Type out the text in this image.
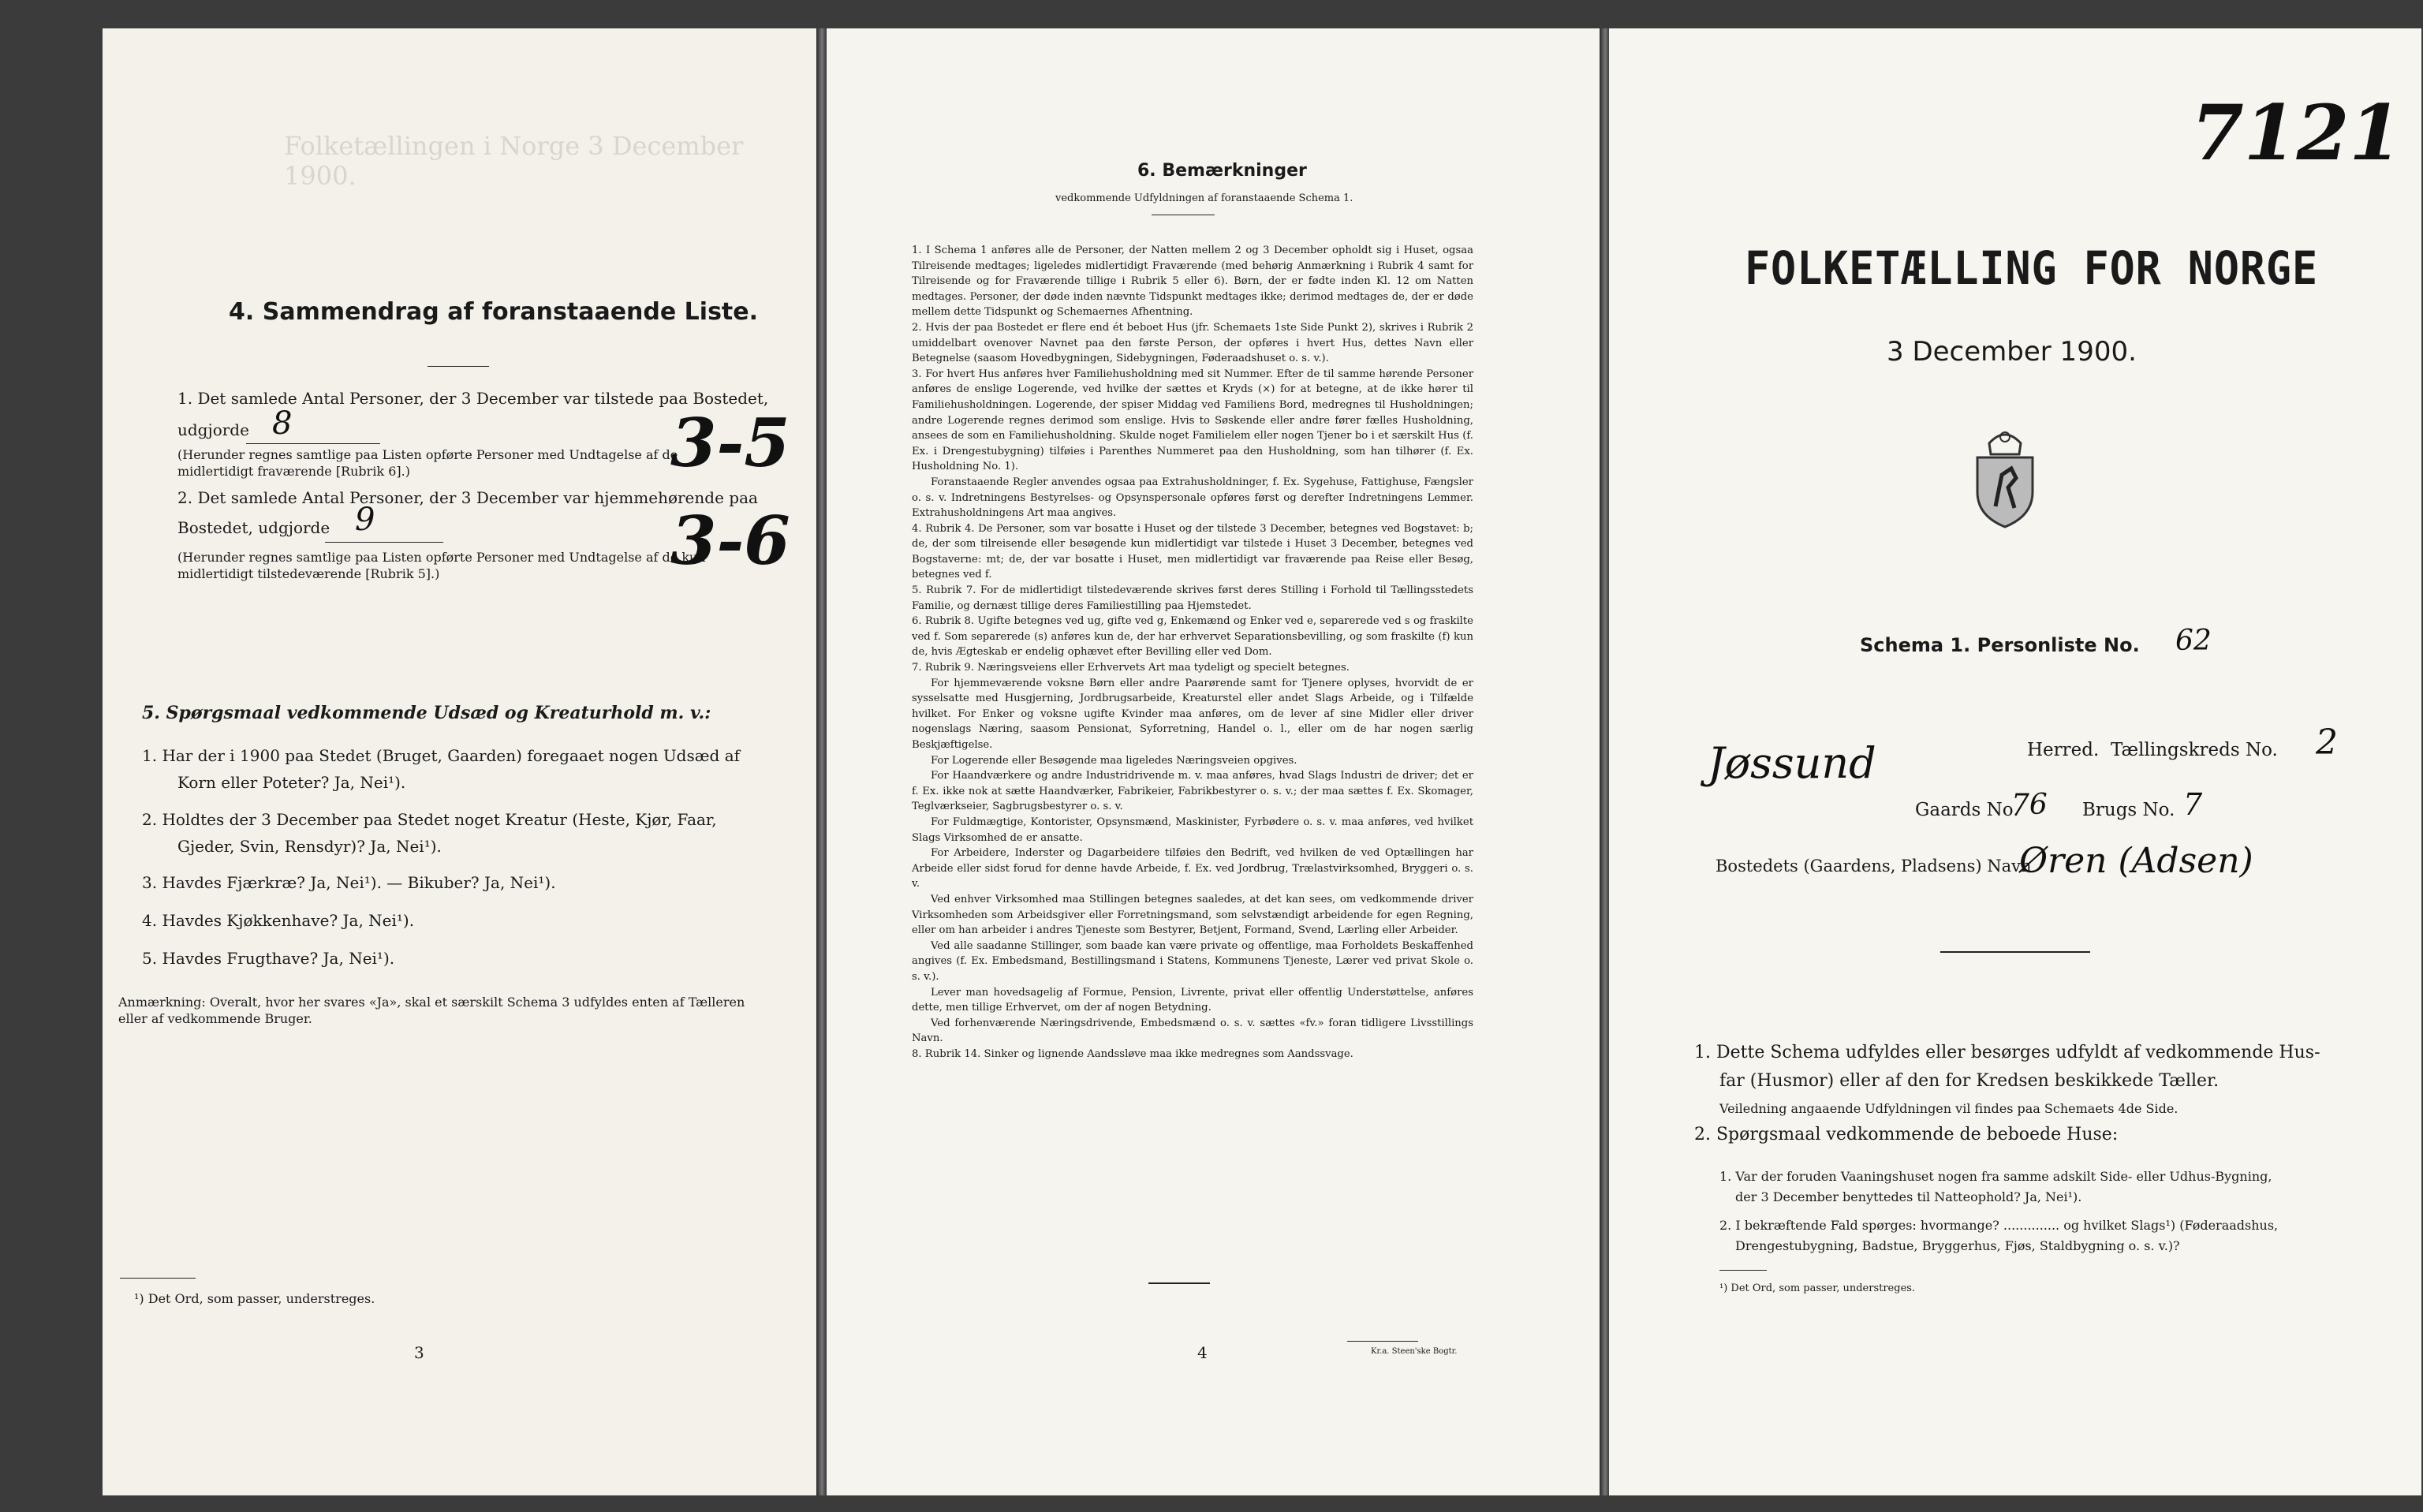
Folketællingen i Norge 3 December 1900.
4. Sammendrag af foranstaaende Liste.
1. Det samlede Antal Personer, der 3 December var tilstede paa Bostedet,
udgjorde 8
(Herunder regnes samtlige paa Listen opførte Personer med Undtagelse af de midlertidigt fraværende [Rubrik 6].)	3-5
2. Det samlede Antal Personer, der 3 December var hjemmehørende paa
Bostedet, udgjorde 9
(Herunder regnes samtlige paa Listen opførte Personer med Undtagelse af de kun midlertidigt tilstedeværende [Rubrik 5].)	3-6
5. Spørgsmaal vedkommende Udsæd og Kreaturhold m. v.:
1. Har der i 1900 paa Stedet (Bruget, Gaarden) foregaaet nogen Udsæd af
Korn eller Poteter? Ja, Nei¹).
2. Holdtes der 3 December paa Stedet noget Kreatur (Heste, Kjør, Faar,
Gjeder, Svin, Rensdyr)? Ja, Nei¹).
3. Havdes Fjærkræ? Ja, Nei¹). — Bikuber? Ja, Nei¹).
4. Havdes Kjøkkenhave? Ja, Nei¹).
5. Havdes Frugthave? Ja, Nei¹).
Anmærkning: Overalt, hvor her svares «Ja», skal et særskilt Schema 3 udfyldes enten af Tælleren eller af vedkommende Bruger.
¹) Det Ord, som passer, understreges.
3
6. Bemærkninger
vedkommende Udfyldningen af foranstaaende Schema 1.

1. I Schema 1 anføres alle de Personer, der Natten mellem 2 og 3 December opholdt sig i Huset, ogsaa Tilreisende medtages; ligeledes midlertidigt Fraværende (med behørig Anmærkning i Rubrik 4 samt for Tilreisende og for Fraværende tillige i Rubrik 5 eller 6). Børn, der er fødte inden Kl. 12 om Natten medtages. Personer, der døde inden nævnte Tidspunkt medtages ikke; derimod medtages de, der er døde mellem dette Tidspunkt og Schemaernes Afhentning.

2. Hvis der paa Bostedet er flere end ét beboet Hus (jfr. Schemaets 1ste Side Punkt 2), skrives i Rubrik 2 umiddelbart ovenover Navnet paa den første Person, der opføres i hvert Hus, dettes Navn eller Betegnelse (saasom Hovedbygningen, Sidebygningen, Føderaadshuset o. s. v.).

3. For hvert Hus anføres hver Familiehusholdning med sit Nummer. Efter de til samme hørende Personer anføres de enslige Logerende, ved hvilke der sættes et Kryds (×) for at betegne, at de ikke hører til Familiehusholdningen. Logerende, der spiser Middag ved Familiens Bord, medregnes til Husholdningen; andre Logerende regnes derimod som enslige. Hvis to Søskende eller andre fører fælles Husholdning, ansees de som en Familiehusholdning. Skulde noget Familielem eller nogen Tjener bo i et særskilt Hus (f. Ex. i Drengestubygning) tilføies i Parenthes Nummeret paa den Husholdning, som han tilhører (f. Ex. Husholdning No. 1).

Foranstaaende Regler anvendes ogsaa paa Extrahusholdninger, f. Ex. Sygehuse, Fattighuse, Fængsler o. s. v. Indretningens Bestyrelses- og Opsynspersonale opføres først og derefter Indretningens Lemmer. Extrahusholdningens Art maa angives.

4. Rubrik 4. De Personer, som var bosatte i Huset og der tilstede 3 December, betegnes ved Bogstavet: b; de, der som tilreisende eller besøgende kun midlertidigt var tilstede i Huset 3 December, betegnes ved Bogstaverne: mt; de, der var bosatte i Huset, men midlertidigt var fraværende paa Reise eller Besøg, betegnes ved f.

5. Rubrik 7. For de midlertidigt tilstedeværende skrives først deres Stilling i Forhold til Tællingsstedets Familie, og dernæst tillige deres Familiestilling paa Hjemstedet.

6. Rubrik 8. Ugifte betegnes ved ug, gifte ved g, Enkemænd og Enker ved e, separerede ved s og fraskilte ved f. Som separerede (s) anføres kun de, der har erhvervet Separationsbevilling, og som fraskilte (f) kun de, hvis Ægteskab er endelig ophævet efter Bevilling eller ved Dom.

7. Rubrik 9. Næringsveiens eller Erhvervets Art maa tydeligt og specielt betegnes.

For hjemmeværende voksne Børn eller andre Paarørende samt for Tjenere oplyses, hvorvidt de er sysselsatte med Husgjerning, Jordbrugsarbeide, Kreaturstel eller andet Slags Arbeide, og i Tilfælde hvilket. For Enker og voksne ugifte Kvinder maa anføres, om de lever af sine Midler eller driver nogenslags Næring, saasom Pensionat, Syforretning, Handel o. l., eller om de har nogen særlig Beskjæftigelse.

For Logerende eller Besøgende maa ligeledes Næringsveien opgives.

For Haandværkere og andre Industridrivende m. v. maa anføres, hvad Slags Industri de driver; det er f. Ex. ikke nok at sætte Haandværker, Fabrikeier, Fabrikbestyrer o. s. v.; der maa sættes f. Ex. Skomager, Teglværkseier, Sagbrugsbestyrer o. s. v.

For Fuldmægtige, Kontorister, Opsynsmænd, Maskinister, Fyrbødere o. s. v. maa anføres, ved hvilket Slags Virksomhed de er ansatte.

For Arbeidere, Inderster og Dagarbeidere tilføies den Bedrift, ved hvilken de ved Optællingen har Arbeide eller sidst forud for denne havde Arbeide, f. Ex. ved Jordbrug, Trælastvirksomhed, Bryggeri o. s. v.

Ved enhver Virksomhed maa Stillingen betegnes saaledes, at det kan sees, om vedkommende driver Virksomheden som Arbeidsgiver eller Forretningsmand, som selvstændigt arbeidende for egen Regning, eller om han arbeider i andres Tjeneste som Bestyrer, Betjent, Formand, Svend, Lærling eller Arbeider.

Ved alle saadanne Stillinger, som baade kan være private og offentlige, maa Forholdets Beskaffenhed angives (f. Ex. Embedsmand, Bestillingsmand i Statens, Kommunens Tjeneste, Lærer ved privat Skole o. s. v.).

Lever man hovedsagelig af Formue, Pension, Livrente, privat eller offentlig Understøttelse, anføres dette, men tillige Erhvervet, om der af nogen Betydning.

Ved forhenværende Næringsdrivende, Embedsmænd o. s. v. sættes «fv.» foran tidligere Livsstillings Navn.

8. Rubrik 14. Sinker og lignende Aandssløve maa ikke medregnes som Aandssvage.

4	Kr.a. Steen'ske Bogtr.
7121
FOLKETÆLLING FOR NORGE
3 December 1900.
Schema 1. Personliste No. 62
Jøssund	Herred. Tællingskreds No. 2
Gaards No.
76 Brugs No. 7
Bostedets (Gaardens, Pladsens) Navn
Øren (Adsen)
1. Dette Schema udfyldes eller besørges udfyldt af vedkommende Hus-
far (Husmor) eller af den for Kredsen beskikkede Tæller.
Veiledning angaaende Udfyldningen vil findes paa Schemaets 4de Side.
2. Spørgsmaal vedkommende de beboede Huse:
1. Var der foruden Vaaningshuset nogen fra samme adskilt Side- eller Udhus-Bygning,
der 3 December benyttedes til Natteophold? Ja, Nei¹).
2. I bekræftende Fald spørges: hvormange? .............. og hvilket Slags¹) (Føderaadshus,
Drengestubygning, Badstue, Bryggerhus, Fjøs, Staldbygning o. s. v.)?
¹) Det Ord, som passer, understreges.
